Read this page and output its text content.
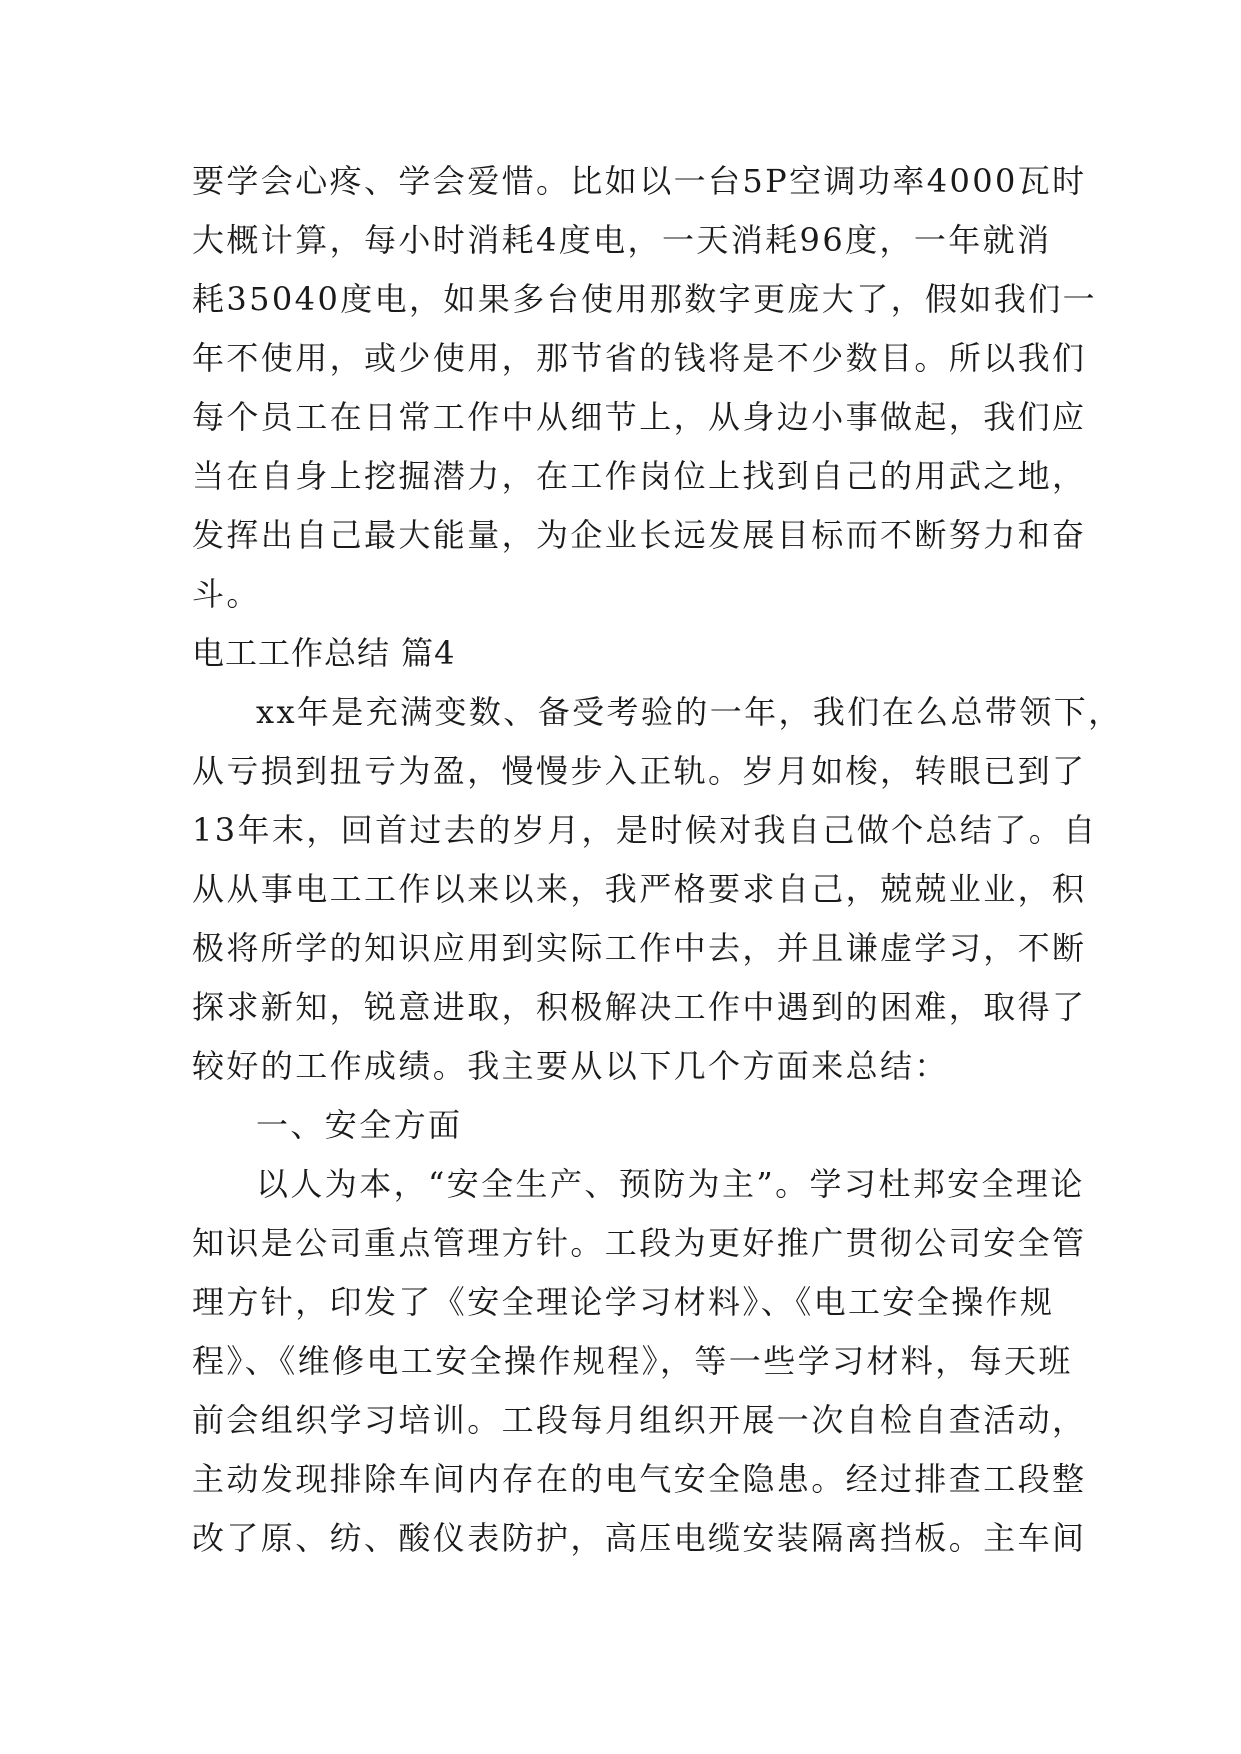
要学会心疼、学会爱惜。比如以一台5P空调功率4000瓦时
大概计算，每小时消耗4度电，一天消耗96度，一年就消
耗35040度电，如果多台使用那数字更庞大了，假如我们一
年不使用，或少使用，那节省的钱将是不少数目。所以我们
每个员工在日常工作中从细节上，从身边小事做起，我们应
当在自身上挖掘潜力，在工作岗位上找到自己的用武之地，
发挥出自己最大能量，为企业长远发展目标而不断努力和奋
斗。
电工工作总结 篇4
xx年是充满变数、备受考验的一年，我们在么总带领下，
从亏损到扭亏为盈，慢慢步入正轨。岁月如梭，转眼已到了
13年末，回首过去的岁月，是时候对我自己做个总结了。自
从从事电工工作以来以来，我严格要求自己，兢兢业业，积
极将所学的知识应用到实际工作中去，并且谦虚学习，不断
探求新知，锐意进取，积极解决工作中遇到的困难，取得了
较好的工作成绩。我主要从以下几个方面来总结：
一、安全方面
以人为本，“安全生产、预防为主”。学习杜邦安全理论
知识是公司重点管理方针。工段为更好推广贯彻公司安全管
理方针，印发了《安全理论学习材料》、《电工安全操作规
程》、《维修电工安全操作规程》，等一些学习材料，每天班
前会组织学习培训。工段每月组织开展一次自检自查活动，
主动发现排除车间内存在的电气安全隐患。经过排查工段整
改了原、纺、酸仪表防护，高压电缆安装隔离挡板。主车间
